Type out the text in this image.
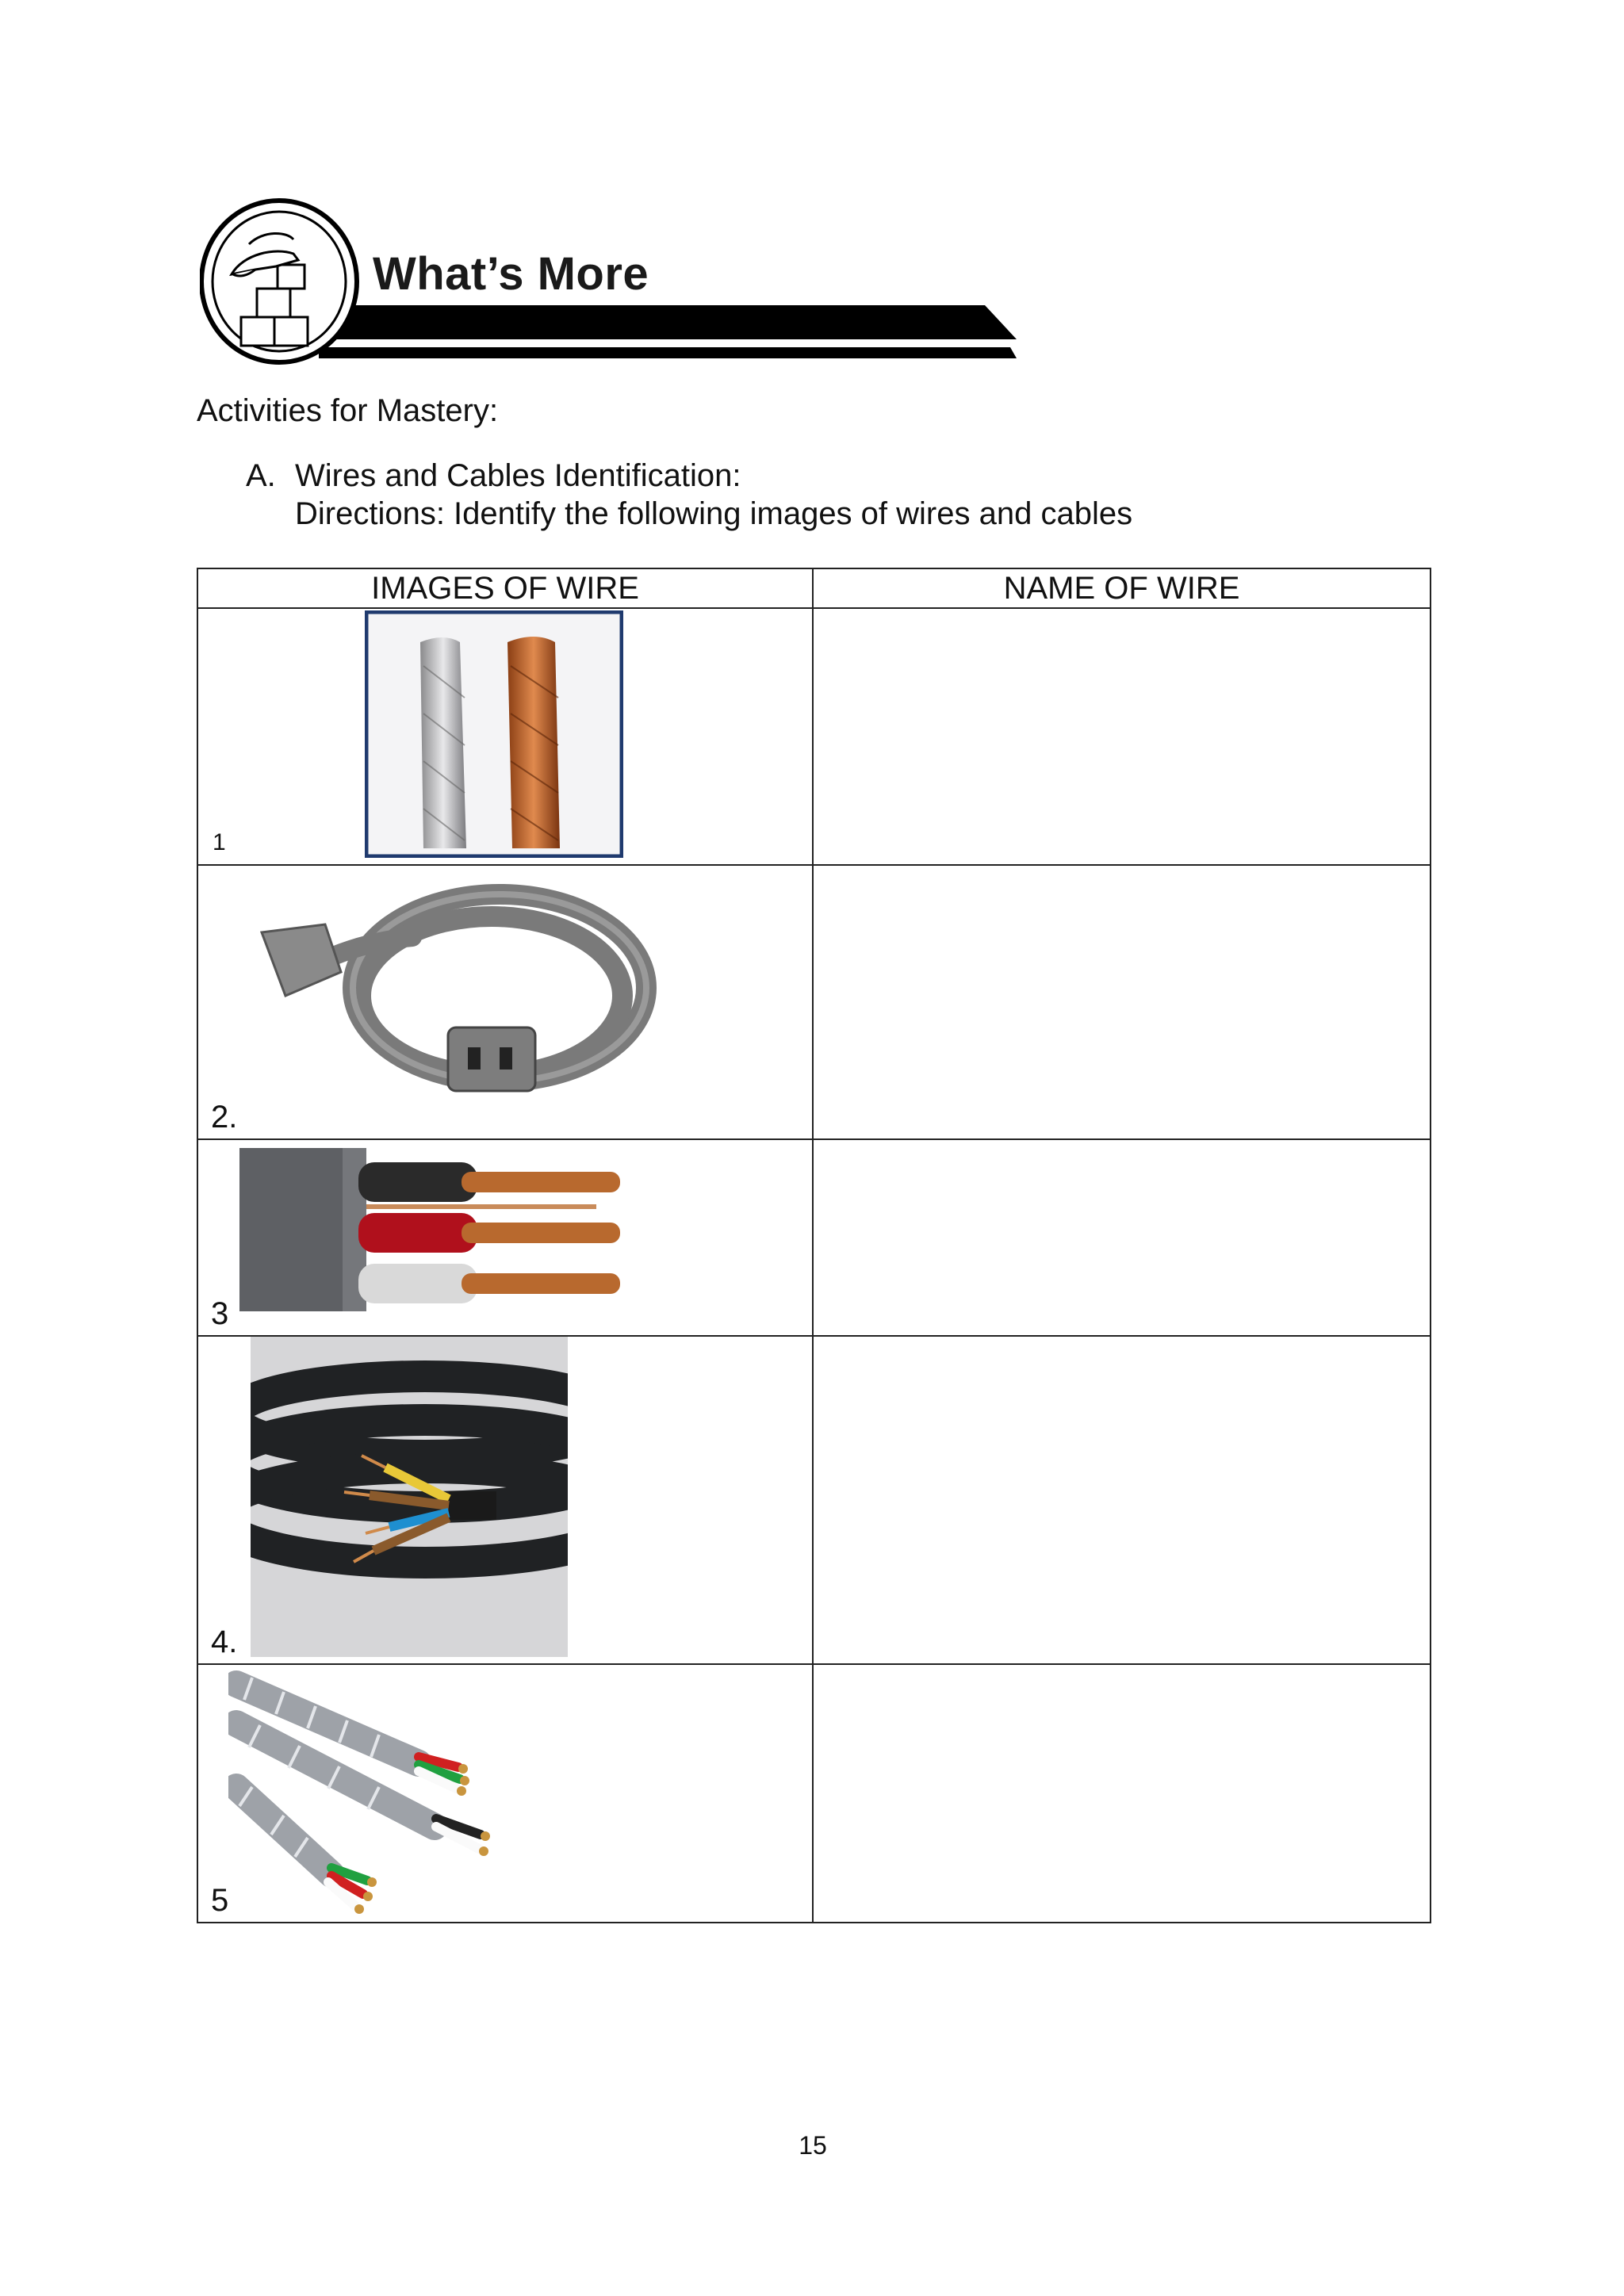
What’s More
Activities for Mastery:
A. Wires and Cables Identification:
Directions: Identify the following images of wires and cables
IMAGES OF WIRE	NAME OF WIRE

1	

2.	

3	

4.	

5	

15
